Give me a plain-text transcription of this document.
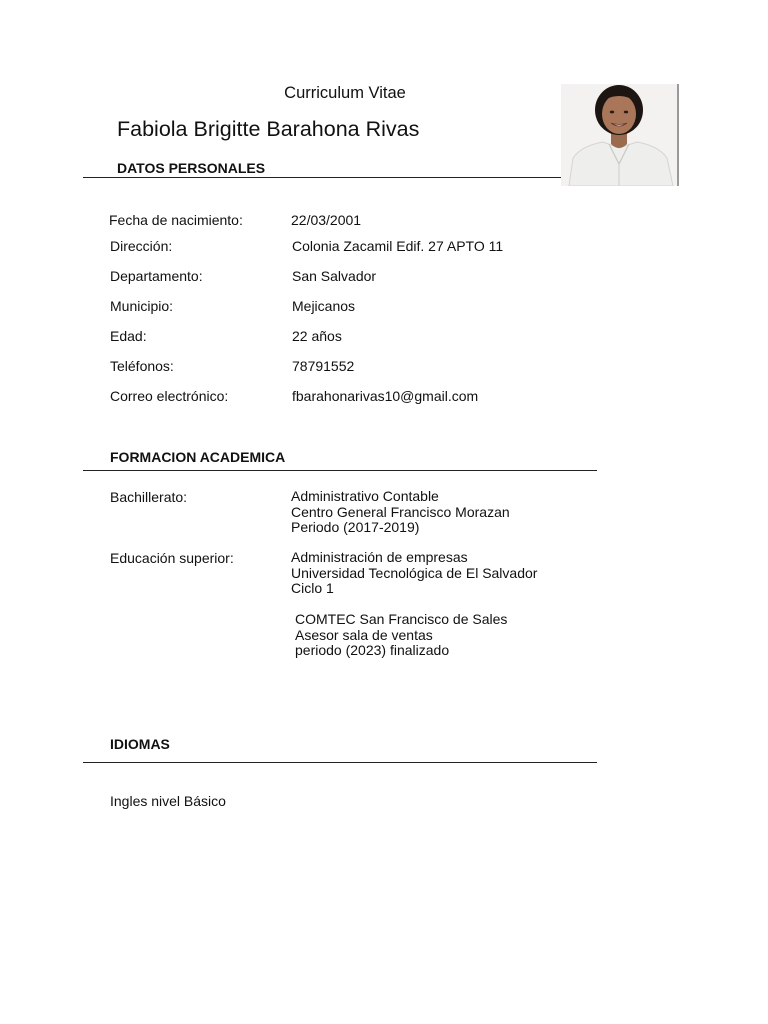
Curriculum Vitae
Fabiola Brigitte Barahona Rivas
DATOS PERSONALES
Fecha de nacimiento:	22/03/2001
Dirección:	Colonia Zacamil Edif. 27 APTO 11
Departamento:	San Salvador
Municipio:	Mejicanos
Edad:	22 años
Teléfonos:	78791552
Correo electrónico:	fbarahonarivas10@gmail.com
FORMACION ACADEMICA
Bachillerato:	Administrativo Contable
Centro General Francisco Morazan
Periodo (2017-2019)
Educación superior:	Administración de empresas
Universidad Tecnológica de El Salvador
Ciclo 1
COMTEC San Francisco de Sales
Asesor sala de ventas
periodo (2023) finalizado
IDIOMAS
Ingles nivel Básico
